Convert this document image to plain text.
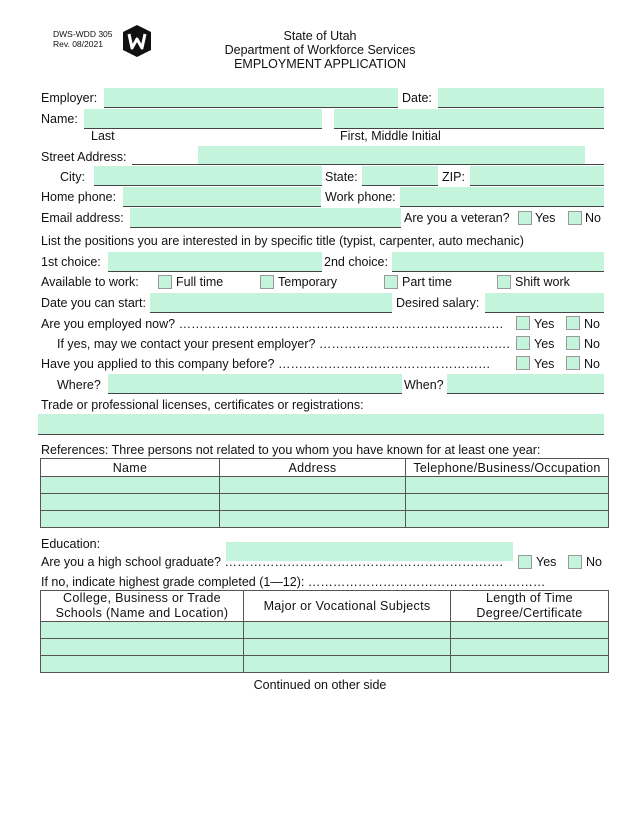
DWS-WDD 305
Rev. 08/2021
State of Utah
Department of Workforce Services
EMPLOYMENT APPLICATION
Employer:	Date:
Name:
Last	First, Middle Initial
Street Address:
City:	State:	ZIP:
Home phone:	Work phone:
Email address:	Are you a veteran? Yes No
List the positions you are interested in by specific title (typist, carpenter, auto mechanic)
1st choice:	2nd choice:
Available to work:	Full time	Temporary	Part time	Shift work
Date you can start:	Desired salary:
Are you employed now? …………………………………………………………………… Yes No
If yes, may we contact your present employer? ………………………………………. Yes No
Have you applied to this company before? ……………………………………………	Yes No
Where?	When?
Trade or professional licenses, certificates or registrations:
References: Three persons not related to you whom you have known for at least one year:
Name	Address	Telephone/Business/Occupation

Education:
Are you a high school graduate? ………………………………………………………….	Yes No
If no, indicate highest grade completed (1—12): …………………………………………………
College, Business or Trade Schools (Name and Location)	Major or Vocational Subjects	Length of Time Degree/Certificate

Continued on other side
